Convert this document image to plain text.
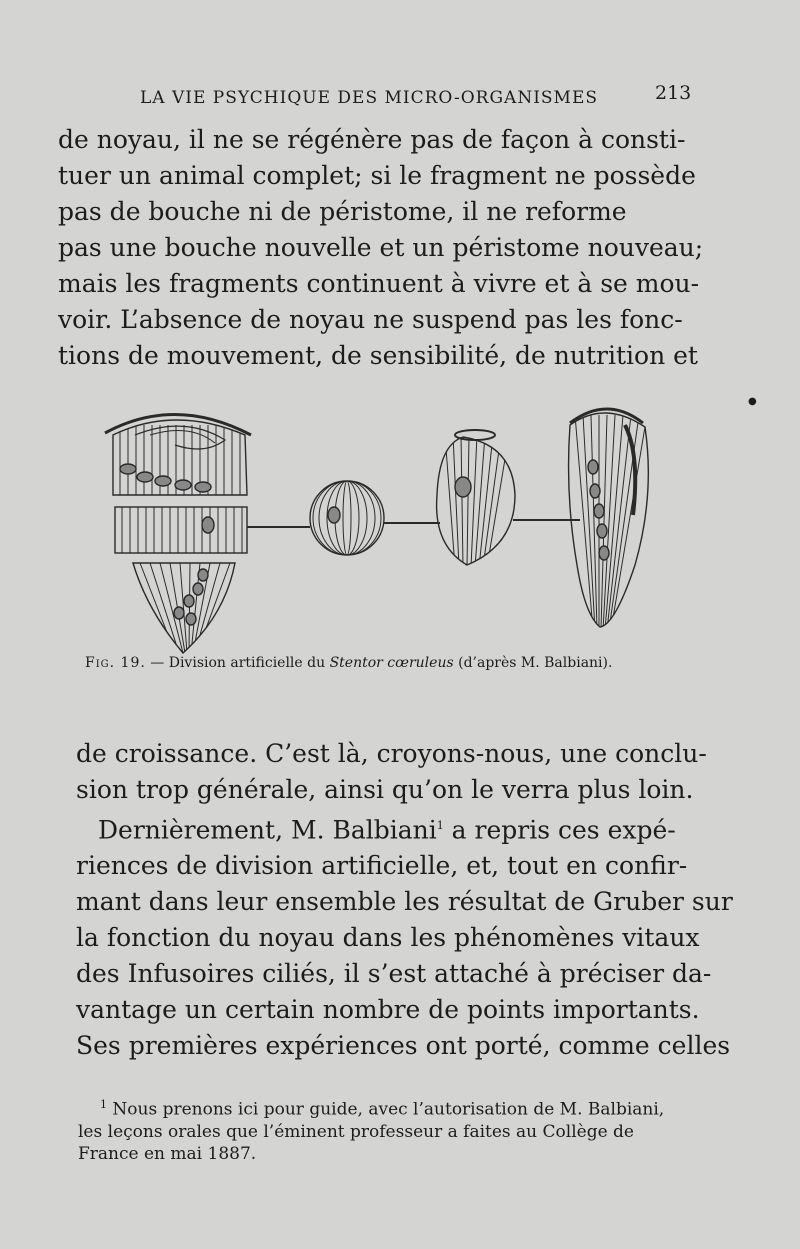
LA VIE PSYCHIQUE DES MICRO-ORGANISMES	213

de noyau, il ne se régénère pas de façon à consti-
tuer un animal complet; si le fragment ne possède
pas de bouche ni de péristome, il ne reforme
pas une bouche nouvelle et un péristome nouveau;
mais les fragments continuent à vivre et à se mou-
voir. L’absence de noyau ne suspend pas les fonc-
tions de mouvement, de sensibilité, de nutrition et

●
Fig. 19. — Division artificielle du Stentor cœruleus (d’après M. Balbiani).

de croissance. C’est là, croyons-nous, une conclu-
sion trop générale, ainsi qu’on le verra plus loin.
Dernièrement, M. Balbiani$^1$ a repris ces expé-
riences de division artificielle, et, tout en confir-
mant dans leur ensemble les résultat de Gruber sur
la fonction du noyau dans les phénomènes vitaux
des Infusoires ciliés, il s’est attaché à préciser da-
vantage un certain nombre de points importants.
Ses premières expériences ont porté, comme celles

$^1$ Nous prenons ici pour guide, avec l’autorisation de M. Balbiani,
les leçons orales que l’éminent professeur a faites au Collège de
France en mai 1887.
